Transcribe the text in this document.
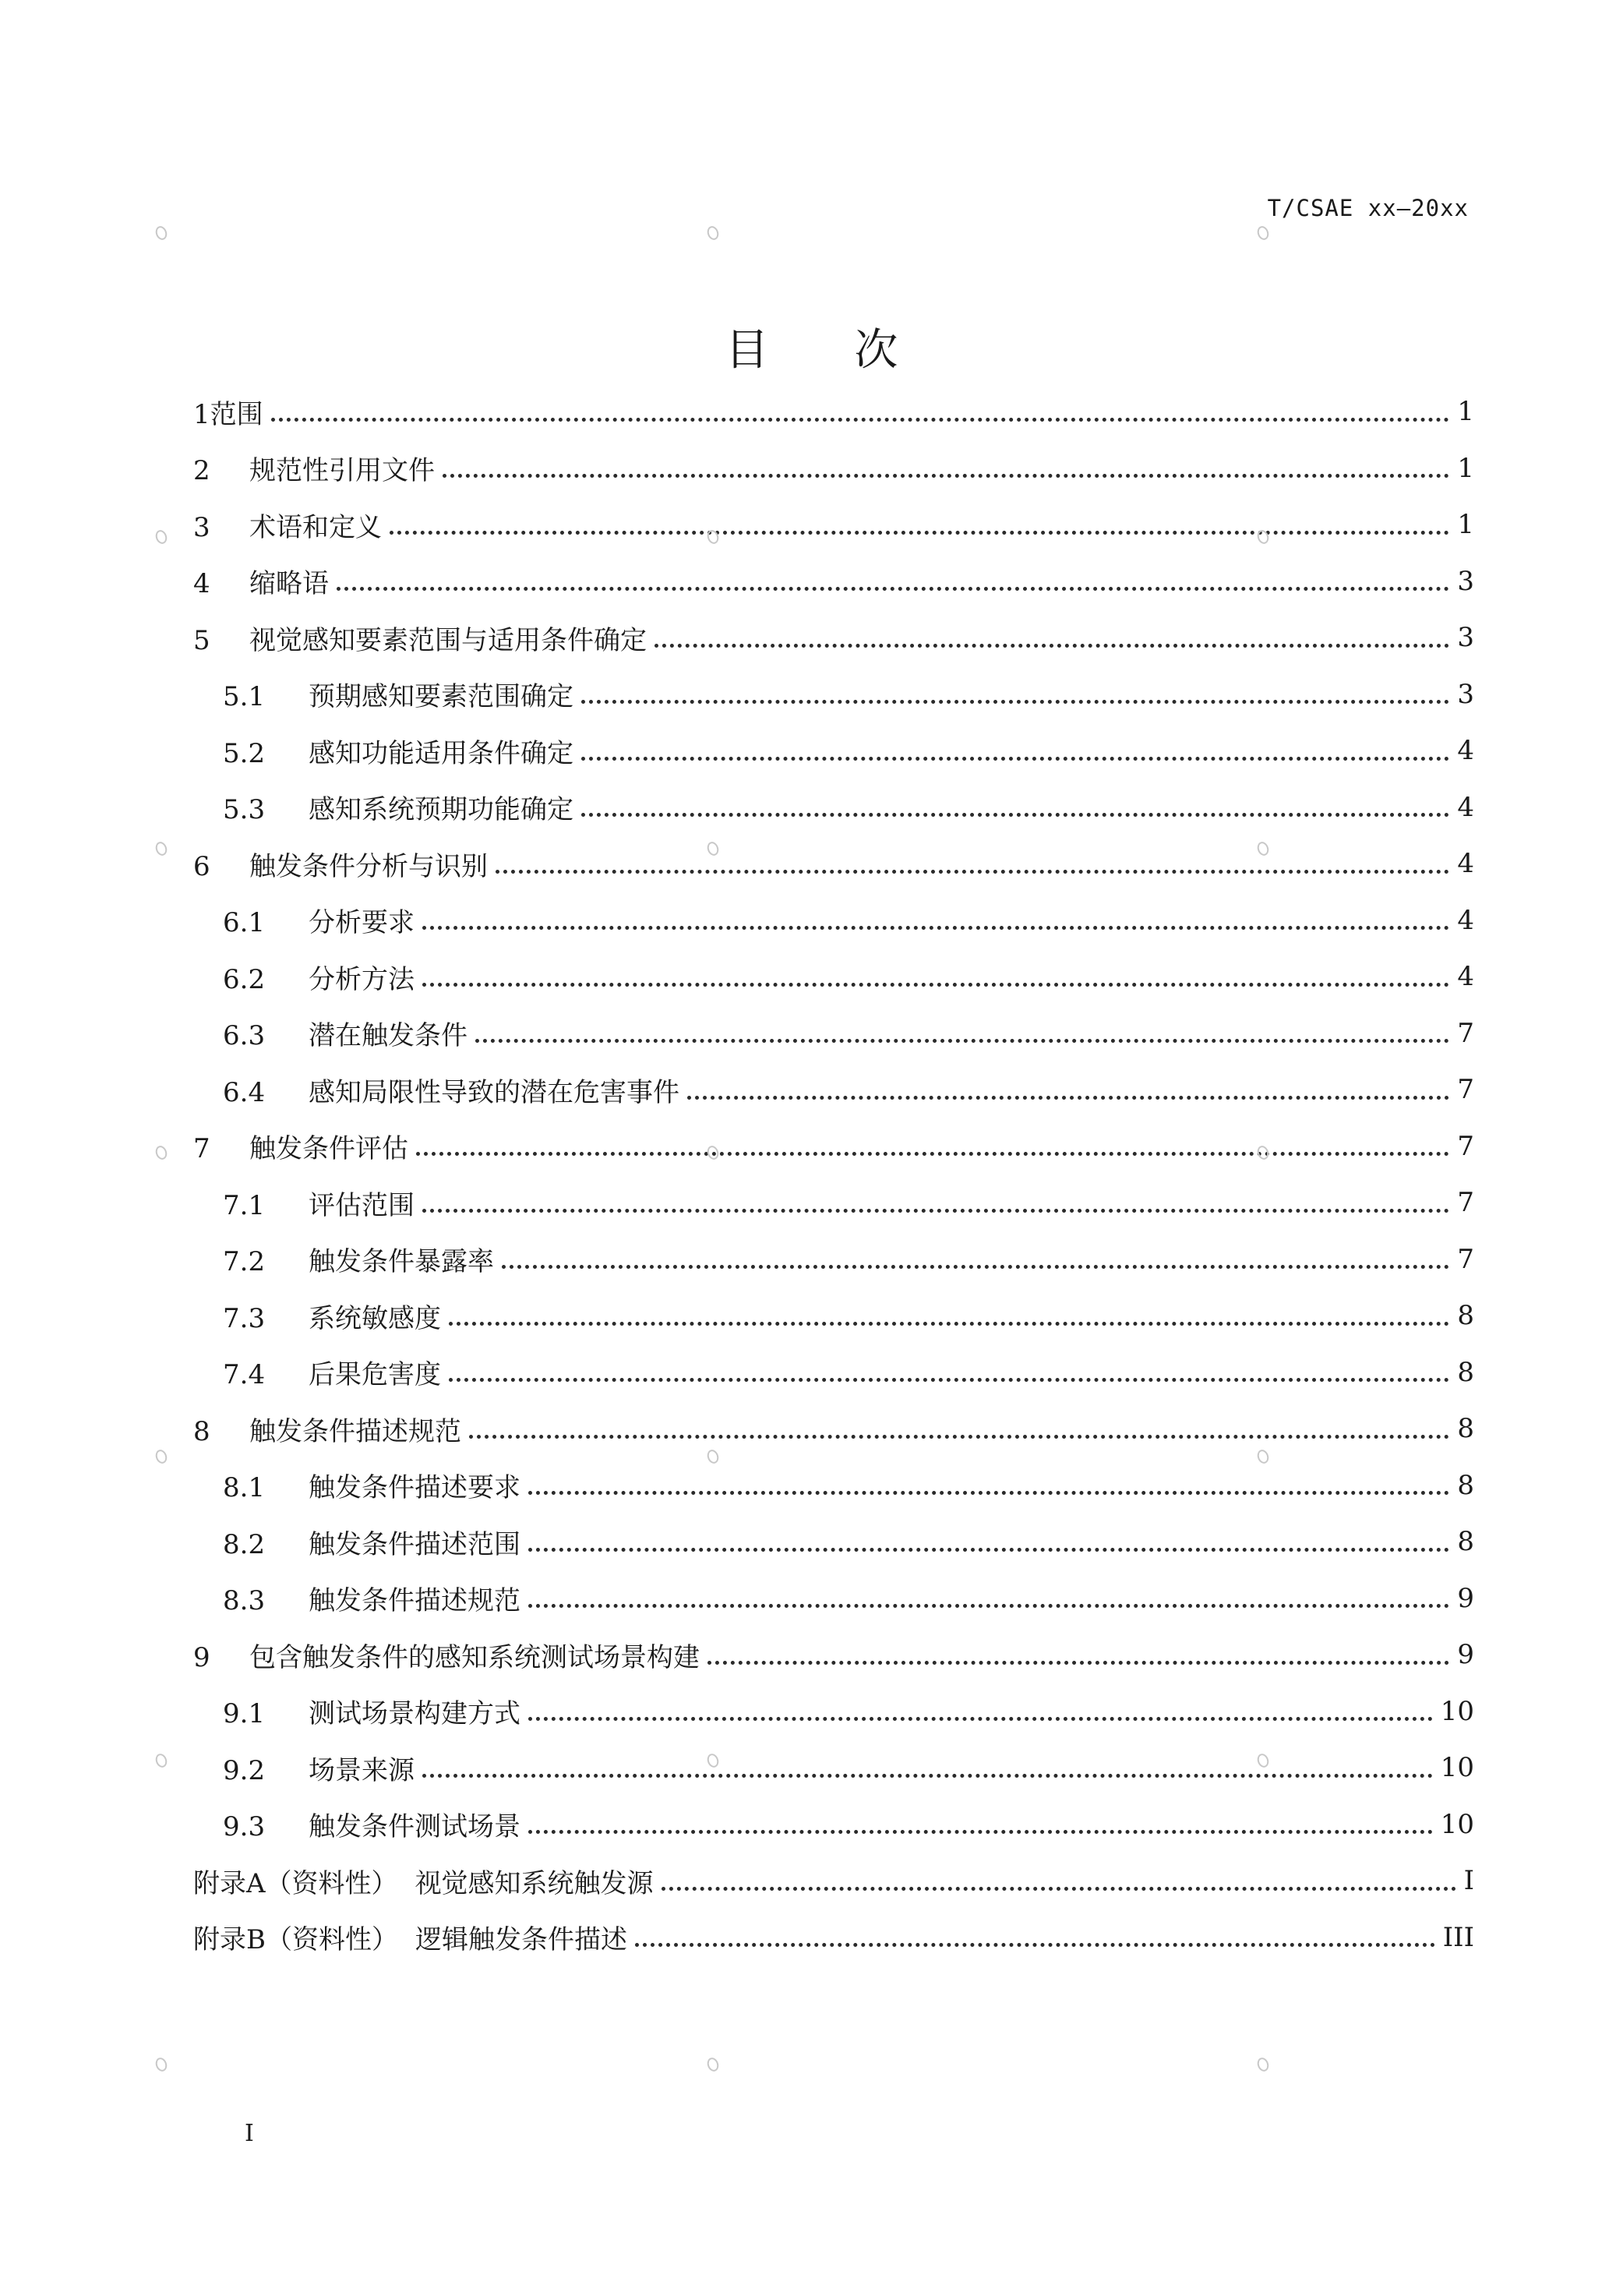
T/CSAE xx—20xx
目 次
1范围	1
2 规范性引用文件	1
3 术语和定义	1
4 缩略语	3
5 视觉感知要素范围与适用条件确定	3
5.1 预期感知要素范围确定	3
5.2 感知功能适用条件确定	4
5.3 感知系统预期功能确定	4
6 触发条件分析与识别	4
6.1 分析要求	4
6.2 分析方法	4
6.3 潜在触发条件	7
6.4 感知局限性导致的潜在危害事件	7
7 触发条件评估	7
7.1 评估范围	7
7.2 触发条件暴露率	7
7.3 系统敏感度	8
7.4 后果危害度	8
8 触发条件描述规范	8
8.1 触发条件描述要求	8
8.2 触发条件描述范围	8
8.3 触发条件描述规范	9
9 包含触发条件的感知系统测试场景构建	9
9.1 测试场景构建方式	10
9.2 场景来源	10
9.3 触发条件测试场景	10
附录A（资料性） 视觉感知系统触发源	I
附录B（资料性） 逻辑触发条件描述	III
I
